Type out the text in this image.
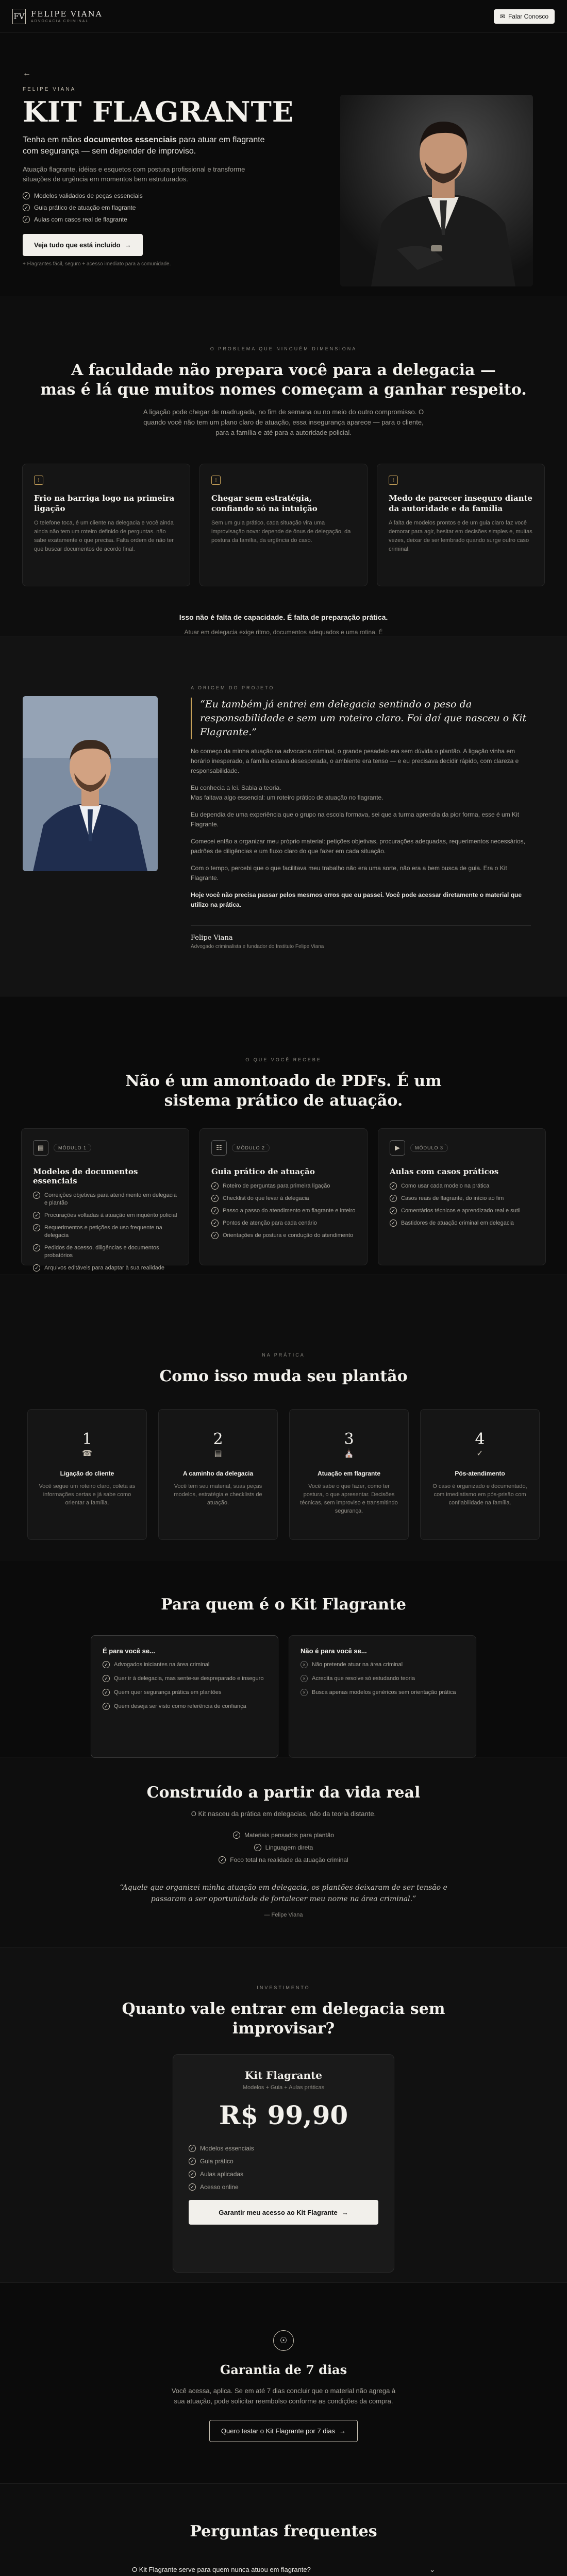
FV FELIPE VIANA
ADVOCACIA CRIMINAL
✉ Falar Conosco
←
FELIPE VIANA
KIT FLAGRANTE

Tenha em mãos documentos essenciais para atuar em flagrante com segurança — sem depender de improviso.

Atuação flagrante, idéias e esquetos com postura profissional e transforme situações de urgência em momentos bem estruturados.

✓ Modelos validados de peças essenciais
✓ Guia prático de atuação em flagrante
✓ Aulas com casos real de flagrante
Veja tudo que está incluído →

+ Flagrantes fácil, seguro + acesso imediato para a comunidade.

O PROBLEMA QUE NINGUÉM DIMENSIONA
A faculdade não prepara você para a delegacia —
mas é lá que muitos nomes começam a ganhar respeito.

A ligação pode chegar de madrugada, no fim de semana ou no meio do outro compromisso. O quando você não tem um plano claro de atuação, essa insegurança aparece — para o cliente, para a família e até para a autoridade policial.

!
Frio na barriga logo na primeira ligação

O telefone toca, é um cliente na delegacia e você ainda ainda não tem um roteiro definido de perguntas. não sabe exatamente o que precisa. Falta ordem de não ter que buscar documentos de acordo final.

!
Chegar sem estratégia, confiando só na intuição

Sem um guia prático, cada situação vira uma improvisação nova: depende de ônus de delegação, da postura da família, da urgência do caso.

!
Medo de parecer inseguro diante da autoridade e da família

A falta de modelos prontos e de um guia claro faz você demorar para agir, hesitar em decisões simples e, muitas vezes, deixar de ser lembrado quando surge outro caso criminal.

Isso não é falta de capacidade. É falta de preparação prática.

Atuar em delegacia exige ritmo, documentos adequados e uma rotina. É

A ORIGEM DO PROJETO
“Eu também já entrei em delegacia sentindo o peso da responsabilidade e sem um roteiro claro. Foi daí que nasceu o Kit Flagrante.”

No começo da minha atuação na advocacia criminal, o grande pesadelo era sem dúvida o plantão. A ligação vinha em horário inesperado, a família estava desesperada, o ambiente era tenso — e eu precisava decidir rápido, com clareza e responsabilidade.

Eu conhecia a lei. Sabia a teoria.
Mas faltava algo essencial: um roteiro prático de atuação no flagrante.

Eu dependia de uma experiência que o grupo na escola formava, sei que a turma aprendia da pior forma, esse é um Kit Flagrante.

Comecei então a organizar meu próprio material: petições objetivas, procurações adequadas, requerimentos necessários, padrões de diligências e um fluxo claro do que fazer em cada situação.

Com o tempo, percebi que o que facilitava meu trabalho não era uma sorte, não era a bem busca de guia. Era o Kit Flagrante.

Hoje você não precisa passar pelos mesmos erros que eu passei. Você pode acessar diretamente o material que utilizo na prática.

Felipe Viana
Advogado criminalista e fundador do Instituto Felipe Viana
O QUE VOCÊ RECEBE
Não é um amontoado de PDFs. É um
sistema prático de atuação.
▤	MÓDULO 1
Modelos de documentos essenciais
✓ Correições objetivas para atendimento em delegacia e plantão
✓ Procurações voltadas à atuação em inquérito policial
✓ Requerimentos e petições de uso frequente na delegacia
✓ Pedidos de acesso, diligências e documentos probatórios
✓ Arquivos editáveis para adaptar à sua realidade
☷	MÓDULO 2
Guia prático de atuação
✓ Roteiro de perguntas para primeira ligação
✓ Checklist do que levar à delegacia
✓ Passo a passo do atendimento em flagrante e inteiro
✓ Pontos de atenção para cada cenário
✓ Orientações de postura e condução do atendimento
▶	MÓDULO 3
Aulas com casos práticos
✓ Como usar cada modelo na prática
✓ Casos reais de flagrante, do início ao fim
✓ Comentários técnicos e aprendizado real e sutil
✓ Bastidores de atuação criminal em delegacia
NA PRÁTICA
Como isso muda seu plantão
1
☎
Ligação do cliente

Você segue um roteiro claro, coleta as informações certas e já sabe como orientar a família.

2
▤
A caminho da delegacia

Você tem seu material, suas peças modelos, estratégia e checklists de atuação.

3
⛪
Atuação em flagrante

Você sabe o que fazer, como ter postura, o que apresentar. Decisões técnicas, sem improviso e transmitindo segurança.

4
✓
Pós-atendimento

O caso é organizado e documentado, com imediatismo em pós-prisão com confiabilidade na família.

Para quem é o Kit Flagrante
É para você se...
✓ Advogados iniciantes na área criminal
✓ Quer ir à delegacia, mas sente-se despreparado e inseguro
✓ Quem quer segurança prática em plantões
✓ Quem deseja ser visto como referência de confiança
Não é para você se...
✕	Não pretende atuar na área criminal
✕	Acredita que resolve só estudando teoria
✕	Busca apenas modelos genéricos sem orientação prática
Construído a partir da vida real

O Kit nasceu da prática em delegacias, não da teoria distante.

✓ Materiais pensados para plantão
✓ Linguagem direta
✓ Foco total na realidade da atuação criminal

“Aquele que organizei minha atuação em delegacia, os plantões deixaram de ser tensão e passaram a ser oportunidade de fortalecer meu nome na área criminal.”

— Felipe Viana

INVESTIMENTO
Quanto vale entrar em delegacia sem
improvisar?
Kit Flagrante
Modelos + Guia + Aulas práticas
R$ 99,90
✓ Modelos essenciais
✓ Guia prático
✓ Aulas aplicadas
✓ Acesso online
Garantir meu acesso ao Kit Flagrante →
☉
Garantia de 7 dias

Você acessa, aplica. Se em até 7 dias concluir que o material não agrega à sua atuação, pode solicitar reembolso conforme as condições da compra.

Quero testar o Kit Flagrante por 7 dias →
Perguntas frequentes
O Kit Flagrante serve para quem nunca atuou em flagrante?	⌄
